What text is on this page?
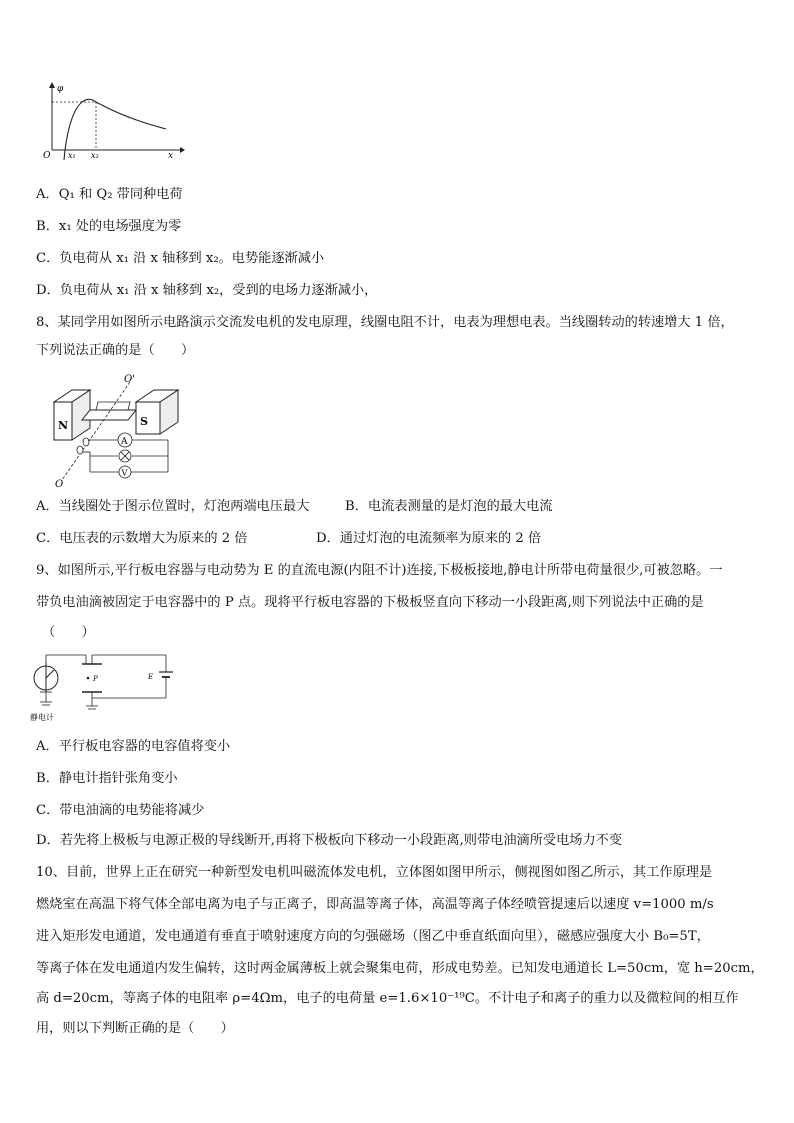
φ
O x₁ x₂	x
A．Q₁ 和 Q₂ 带同种电荷
B．x₁ 处的电场强度为零
C．负电荷从 x₁ 沿 x 轴移到 x₂。电势能逐渐减小
D．负电荷从 x₁ 沿 x 轴移到 x₂，受到的电场力逐渐减小，
8、某同学用如图所示电路演示交流发电机的发电原理，线圈电阻不计，电表为理想电表。当线圈转动的转速增大 1 倍，
下列说法正确的是（　　）
N	S
O'
O
A
V
A．当线圈处于图示位置时，灯泡两端电压最大	B．电流表测量的是灯泡的最大电流
C．电压表的示数增大为原来的 2 倍	D．通过灯泡的电流频率为原来的 2 倍
9、如图所示,平行板电容器与电动势为 E 的直流电源(内阻不计)连接,下极板接地,静电计所带电荷量很少,可被忽略。一
带负电油滴被固定于电容器中的 P 点。现将平行板电容器的下极板竖直向下移动一小段距离,则下列说法中正确的是
（　　）
静电计
P	E
A．平行板电容器的电容值将变小
B．静电计指针张角变小
C．带电油滴的电势能将减少
D．若先将上极板与电源正极的导线断开,再将下极板向下移动一小段距离,则带电油滴所受电场力不变
10、目前，世界上正在研究一种新型发电机叫磁流体发电机，立体图如图甲所示，侧视图如图乙所示，其工作原理是
燃烧室在高温下将气体全部电离为电子与正离子，即高温等离子体，高温等离子体经喷管提速后以速度 v=1000 m/s
进入矩形发电通道，发电通道有垂直于喷射速度方向的匀强磁场（图乙中垂直纸面向里），磁感应强度大小 B₀=5T，
等离子体在发电通道内发生偏转，这时两金属薄板上就会聚集电荷，形成电势差。已知发电通道长 L=50cm，宽 h=20cm，
高 d=20cm，等离子体的电阻率 ρ=4Ωm，电子的电荷量 e=1.6×10⁻¹⁹C。不计电子和离子的重力以及微粒间的相互作
用，则以下判断正确的是（　　）
